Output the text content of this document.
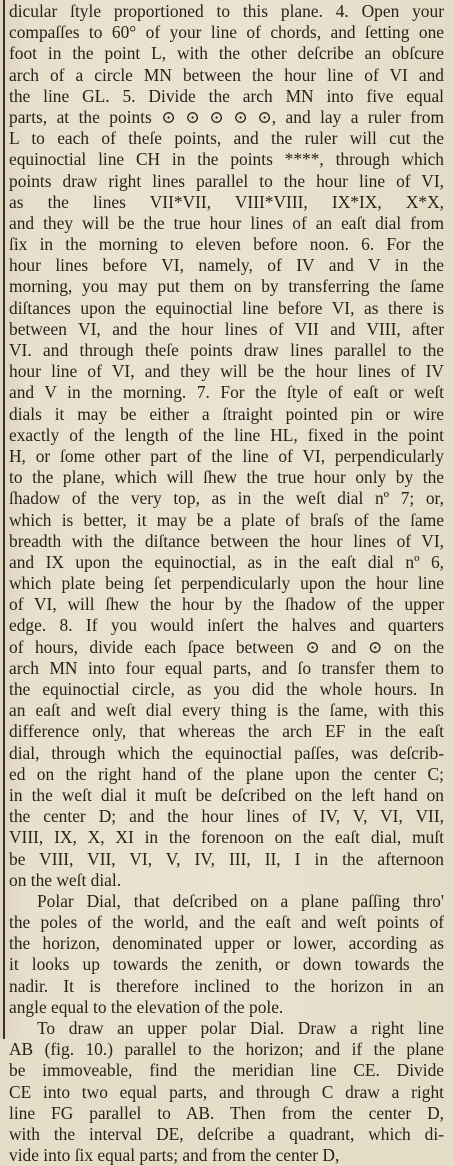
dicular ſtyle proportioned to this plane. 4. Open your
compaſſes to 60° of your line of chords, and ſetting one
foot in the point L, with the other deſcribe an obſcure
arch of a circle MN between the hour line of VI and
the line GL. 5. Divide the arch MN into five equal
parts, at the points ⊙ ⊙ ⊙ ⊙ ⊙, and lay a ruler from
L to each of theſe points, and the ruler will cut the
equinoctial line CH in the points ****, through which
points draw right lines parallel to the hour line of VI,
as the lines VII*VII, VIII*VIII, IX*IX, X*X,
and they will be the true hour lines of an eaſt dial from
ſix in the morning to eleven before noon. 6. For the
hour lines before VI, namely, of IV and V in the
morning, you may put them on by transferring the ſame
diſtances upon the equinoctial line before VI, as there is
between VI, and the hour lines of VII and VIII, after
VI. and through theſe points draw lines parallel to the
hour line of VI, and they will be the hour lines of IV
and V in the morning. 7. For the ſtyle of eaſt or weſt
dials it may be either a ſtraight pointed pin or wire
exactly of the length of the line HL, fixed in the point
H, or ſome other part of the line of VI, perpendicularly
to the plane, which will ſhew the true hour only by the
ſhadow of the very top, as in the weſt dial nº 7; or,
which is better, it may be a plate of braſs of the ſame
breadth with the diſtance between the hour lines of VI,
and IX upon the equinoctial, as in the eaſt dial nº 6,
which plate being ſet perpendicularly upon the hour line
of VI, will ſhew the hour by the ſhadow of the upper
edge. 8. If you would inſert the halves and quarters
of hours, divide each ſpace between ⊙ and ⊙ on the
arch MN into four equal parts, and ſo transfer them to
the equinoctial circle, as you did the whole hours. In
an eaſt and weſt dial every thing is the ſame, with this
difference only, that whereas the arch EF in the eaſt
dial, through which the equinoctial paſſes, was deſcrib-
ed on the right hand of the plane upon the center C;
in the weſt dial it muſt be deſcribed on the left hand on
the center D; and the hour lines of IV, V, VI, VII,
VIII, IX, X, XI in the forenoon on the eaſt dial, muſt
be VIII, VII, VI, V, IV, III, II, I in the afternoon
on the weſt dial.
Polar Dial, that deſcribed on a plane paſſing thro'
the poles of the world, and the eaſt and weſt points of
the horizon, denominated upper or lower, according as
it looks up towards the zenith, or down towards the
nadir. It is therefore inclined to the horizon in an
angle equal to the elevation of the pole.
To draw an upper polar Dial. Draw a right line
AB (fig. 10.) parallel to the horizon; and if the plane
be immoveable, find the meridian line CE. Divide
CE into two equal parts, and through C draw a right
line FG parallel to AB. Then from the center D,
with the interval DE, deſcribe a quadrant, which di-
vide into ſix equal parts; and from the center D,
